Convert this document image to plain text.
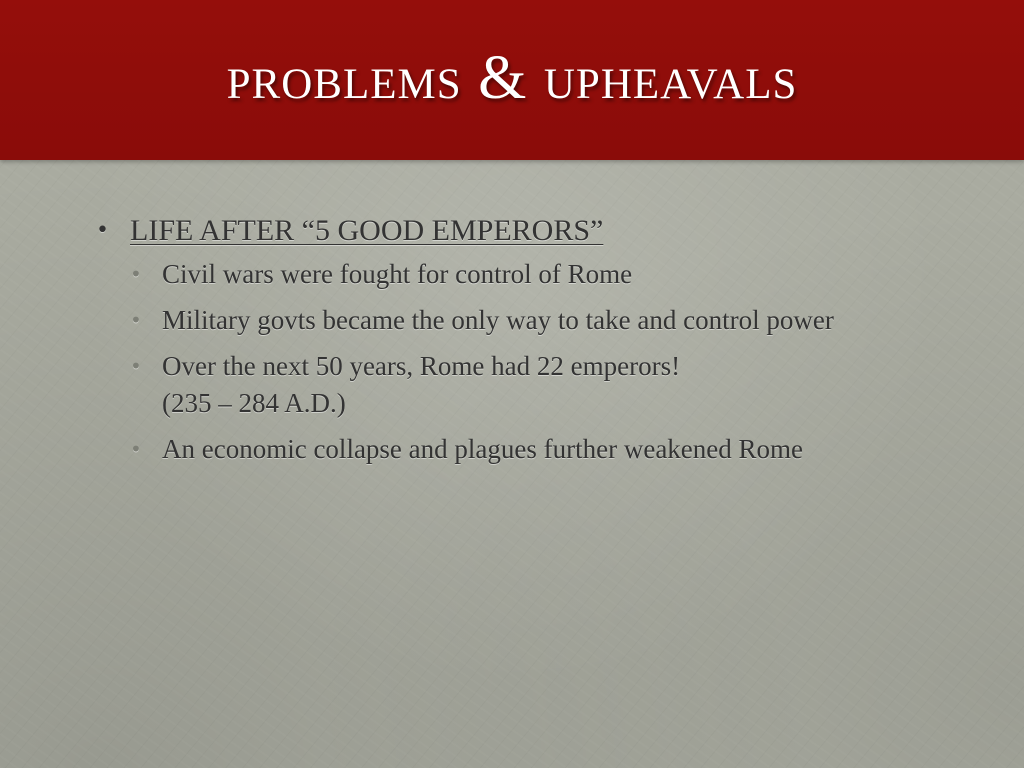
problems & upheavals
• LIFE AFTER “5 GOOD EMPERORS”
• Civil wars were fought for control of Rome
• Military govts became the only way to take and control power
• Over the next 50 years, Rome had 22 emperors!
(235 – 284 A.D.)
• An economic collapse and plagues further weakened Rome
